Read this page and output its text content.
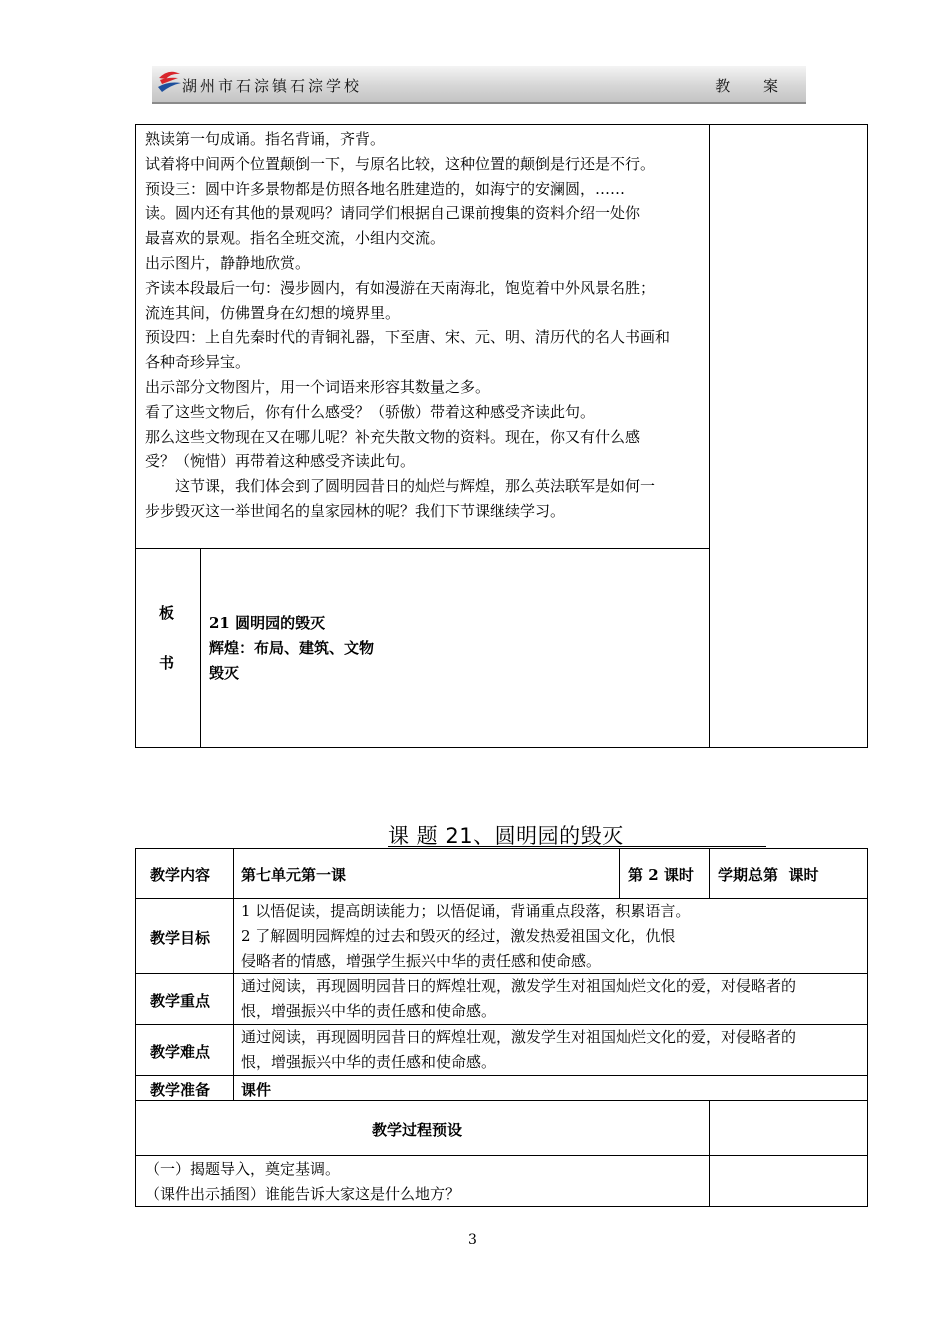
湖州市石淙镇石淙学校	教 案

熟读第一句成诵。指名背诵，齐背。

试着将中间两个位置颠倒一下，与原名比较，这种位置的颠倒是行还是不行。

预设三：圆中许多景物都是仿照各地名胜建造的，如海宁的安澜圆，……

读。圆内还有其他的景观吗？请同学们根据自己课前搜集的资料介绍一处你

最喜欢的景观。指名全班交流，小组内交流。

出示图片，静静地欣赏。

齐读本段最后一句：漫步圆内，有如漫游在天南海北，饱览着中外风景名胜；

流连其间，仿佛置身在幻想的境界里。

预设四：上自先秦时代的青铜礼器，下至唐、宋、元、明、清历代的名人书画和

各种奇珍异宝。

出示部分文物图片，用一个词语来形容其数量之多。

看了这些文物后，你有什么感受？（骄傲）带着这种感受齐读此句。

那么这些文物现在又在哪儿呢？补充失散文物的资料。现在，你又有什么感

受？（惋惜）再带着这种感受齐读此句。

　　这节课，我们体会到了圆明园昔日的灿烂与辉煌，那么英法联军是如何一

步步毁灭这一举世闻名的皇家园林的呢？我们下节课继续学习。

板
书

21 圆明园的毁灭

辉煌：布局、建筑、文物

毁灭

课 题 21、圆明园的毁灭
教学内容 第七单元第一课	第 2 课时 学期总第  课时
教学目标

1 以悟促读，提高朗读能力；以悟促诵，背诵重点段落，积累语言。

2 了解圆明园辉煌的过去和毁灭的经过，激发热爱祖国文化，仇恨

侵略者的情感，增强学生振兴中华的责任感和使命感。

教学重点

通过阅读，再现圆明园昔日的辉煌壮观，激发学生对祖国灿烂文化的爱，对侵略者的

恨，增强振兴中华的责任感和使命感。

教学难点

通过阅读，再现圆明园昔日的辉煌壮观，激发学生对祖国灿烂文化的爱，对侵略者的

恨，增强振兴中华的责任感和使命感。

教学准备 课件
教学过程预设

（一）揭题导入，奠定基调。

（课件出示插图）谁能告诉大家这是什么地方？

3
